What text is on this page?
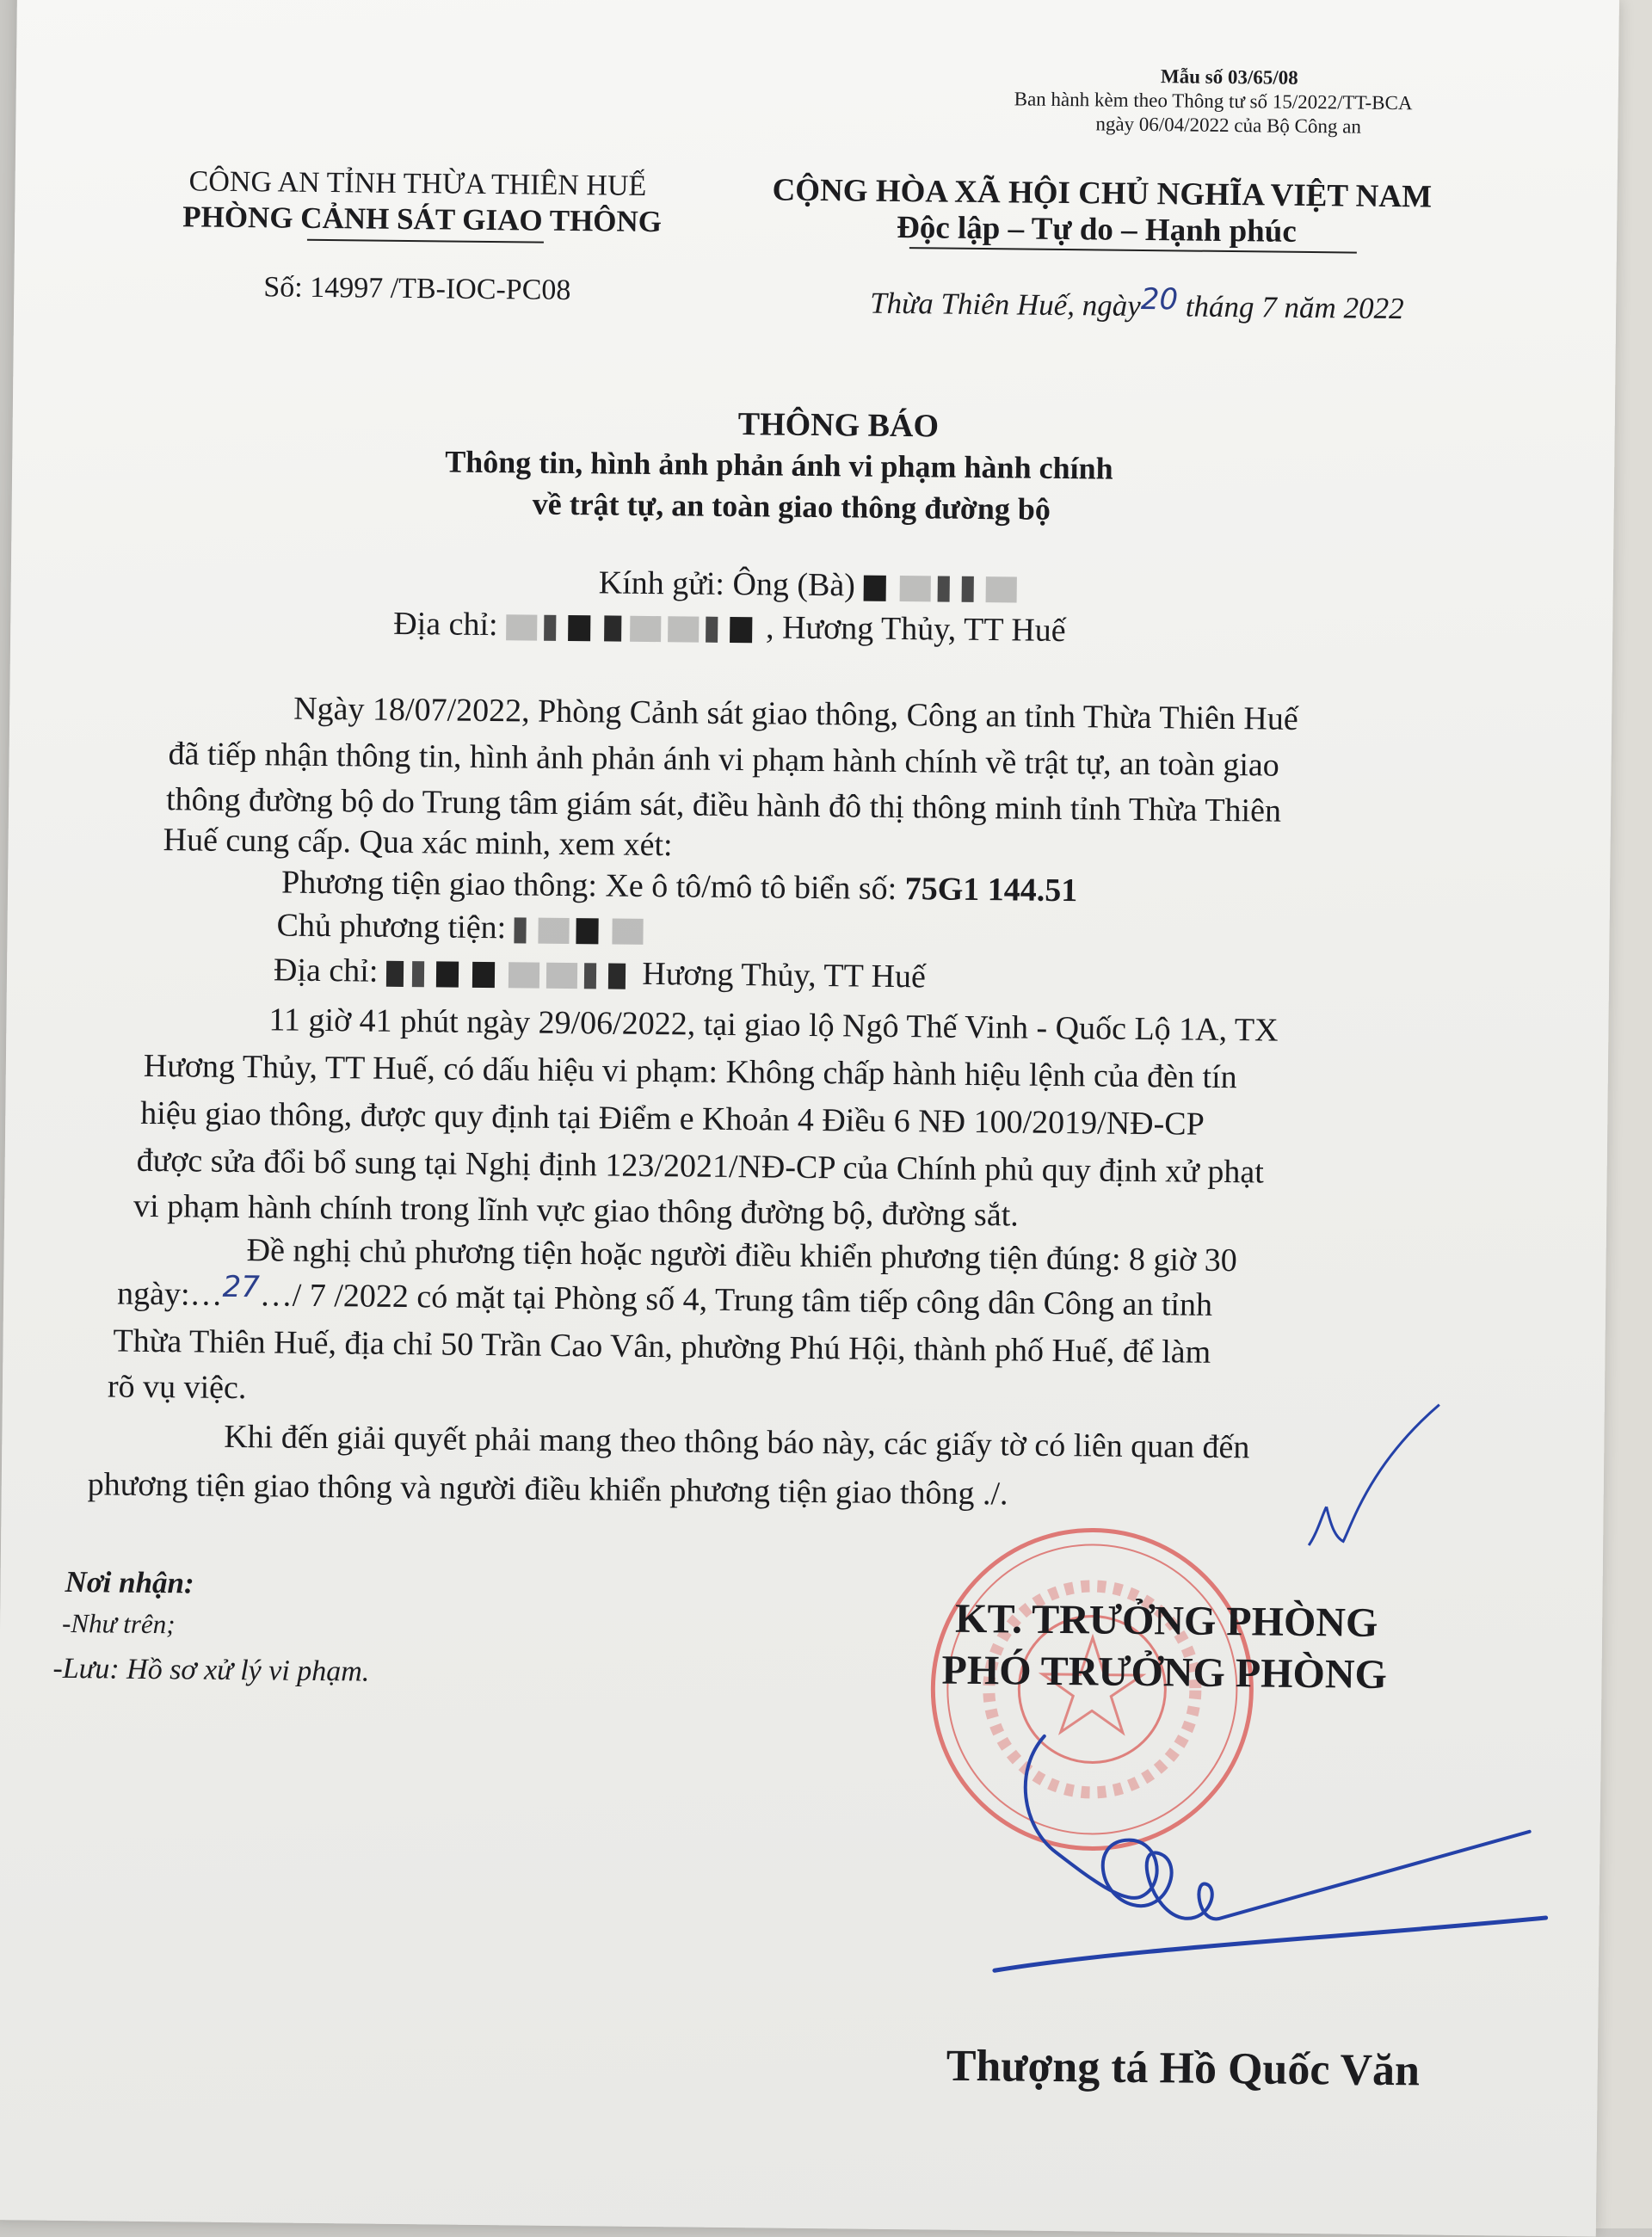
Mẫu số 03/65/08
Ban hành kèm theo Thông tư số 15/2022/TT-BCA
ngày 06/04/2022 của Bộ Công an
CÔNG AN TỈNH THỪA THIÊN HUẾ
PHÒNG CẢNH SÁT GIAO THÔNG
CỘNG HÒA XÃ HỘI CHỦ NGHĨA VIỆT NAM
Độc lập – Tự do – Hạnh phúc
Số: 14997 /TB-IOC-PC08	Thừa Thiên Huế, ngày20 tháng 7 năm 2022
THÔNG BÁO
Thông tin, hình ảnh phản ánh vi phạm hành chính
về trật tự, an toàn giao thông đường bộ
Kính gửi: Ông (Bà)
Địa chỉ:	, Hương Thủy, TT Huế
Ngày 18/07/2022, Phòng Cảnh sát giao thông, Công an tỉnh Thừa Thiên Huế
đã tiếp nhận thông tin, hình ảnh phản ánh vi phạm hành chính về trật tự, an toàn giao
thông đường bộ do Trung tâm giám sát, điều hành đô thị thông minh tỉnh Thừa Thiên
Huế cung cấp. Qua xác minh, xem xét:
Phương tiện giao thông: Xe ô tô/mô tô biển số: 75G1 144.51
Chủ phương tiện:
Địa chỉ:	Hương Thủy, TT Huế
11 giờ 41 phút ngày 29/06/2022, tại giao lộ Ngô Thế Vinh - Quốc Lộ 1A, TX
Hương Thủy, TT Huế, có dấu hiệu vi phạm: Không chấp hành hiệu lệnh của đèn tín
hiệu giao thông, được quy định tại Điểm e Khoản 4 Điều 6 NĐ 100/2019/NĐ-CP
được sửa đổi bổ sung tại Nghị định 123/2021/NĐ-CP của Chính phủ quy định xử phạt
vi phạm hành chính trong lĩnh vực giao thông đường bộ, đường sắt.
Đề nghị chủ phương tiện hoặc người điều khiển phương tiện đúng: 8 giờ 30
ngày:…27…/ 7 /2022 có mặt tại Phòng số 4, Trung tâm tiếp công dân Công an tỉnh
Thừa Thiên Huế, địa chỉ 50 Trần Cao Vân, phường Phú Hội, thành phố Huế, để làm
rõ vụ việc.
Khi đến giải quyết phải mang theo thông báo này, các giấy tờ có liên quan đến
phương tiện giao thông và người điều khiển phương tiện giao thông ./.
Nơi nhận:
-Như trên;
-Lưu: Hồ sơ xử lý vi phạm.
KT. TRƯỞNG PHÒNG
PHÓ TRƯỞNG PHÒNG
Thượng tá Hồ Quốc Văn
